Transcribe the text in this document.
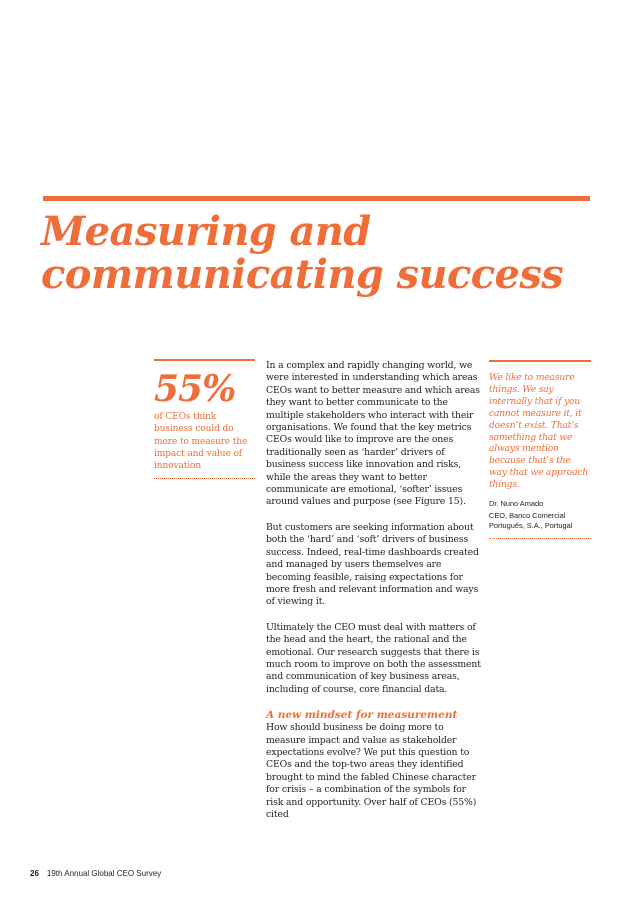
Measuring and
communicating success
55%
of CEOs think business could do more to measure the impact and value of innovation

In a complex and rapidly changing world, we were interested in understanding which areas CEOs want to better measure and which areas they want to better communicate to the multiple stakeholders who interact with their organisations. We found that the key metrics CEOs would like to improve are the ones traditionally seen as ‘harder’ drivers of business success like innovation and risks, while the areas they want to better communicate are emotional, ‘softer’ issues around values and purpose (see Figure 15).

But customers are seeking information about both the ‘hard’ and ‘soft’ drivers of business success. Indeed, real-time dashboards created and managed by users themselves are becoming feasible, raising expectations for more fresh and relevant information and ways of viewing it.

Ultimately the CEO must deal with matters of the head and the heart, the rational and the emotional. Our research suggests that there is much room to improve on both the assessment and communication of key business areas, including of course, core financial data.

A new mindset for measurement

How should business be doing more to measure impact and value as stakeholder expectations evolve? We put this question to CEOs and the top-two areas they identified brought to mind the fabled Chinese character for crisis – a combination of the symbols for risk and opportunity. Over half of CEOs (55%) cited

We like to measure things. We say internally that if you cannot measure it, it doesn’t exist. That’s something that we always mention because that’s the way that we approach things.
Dr. Nuno Amado
CEO, Banco Comercial Português, S.A., Portugal
26 19th Annual Global CEO Survey
